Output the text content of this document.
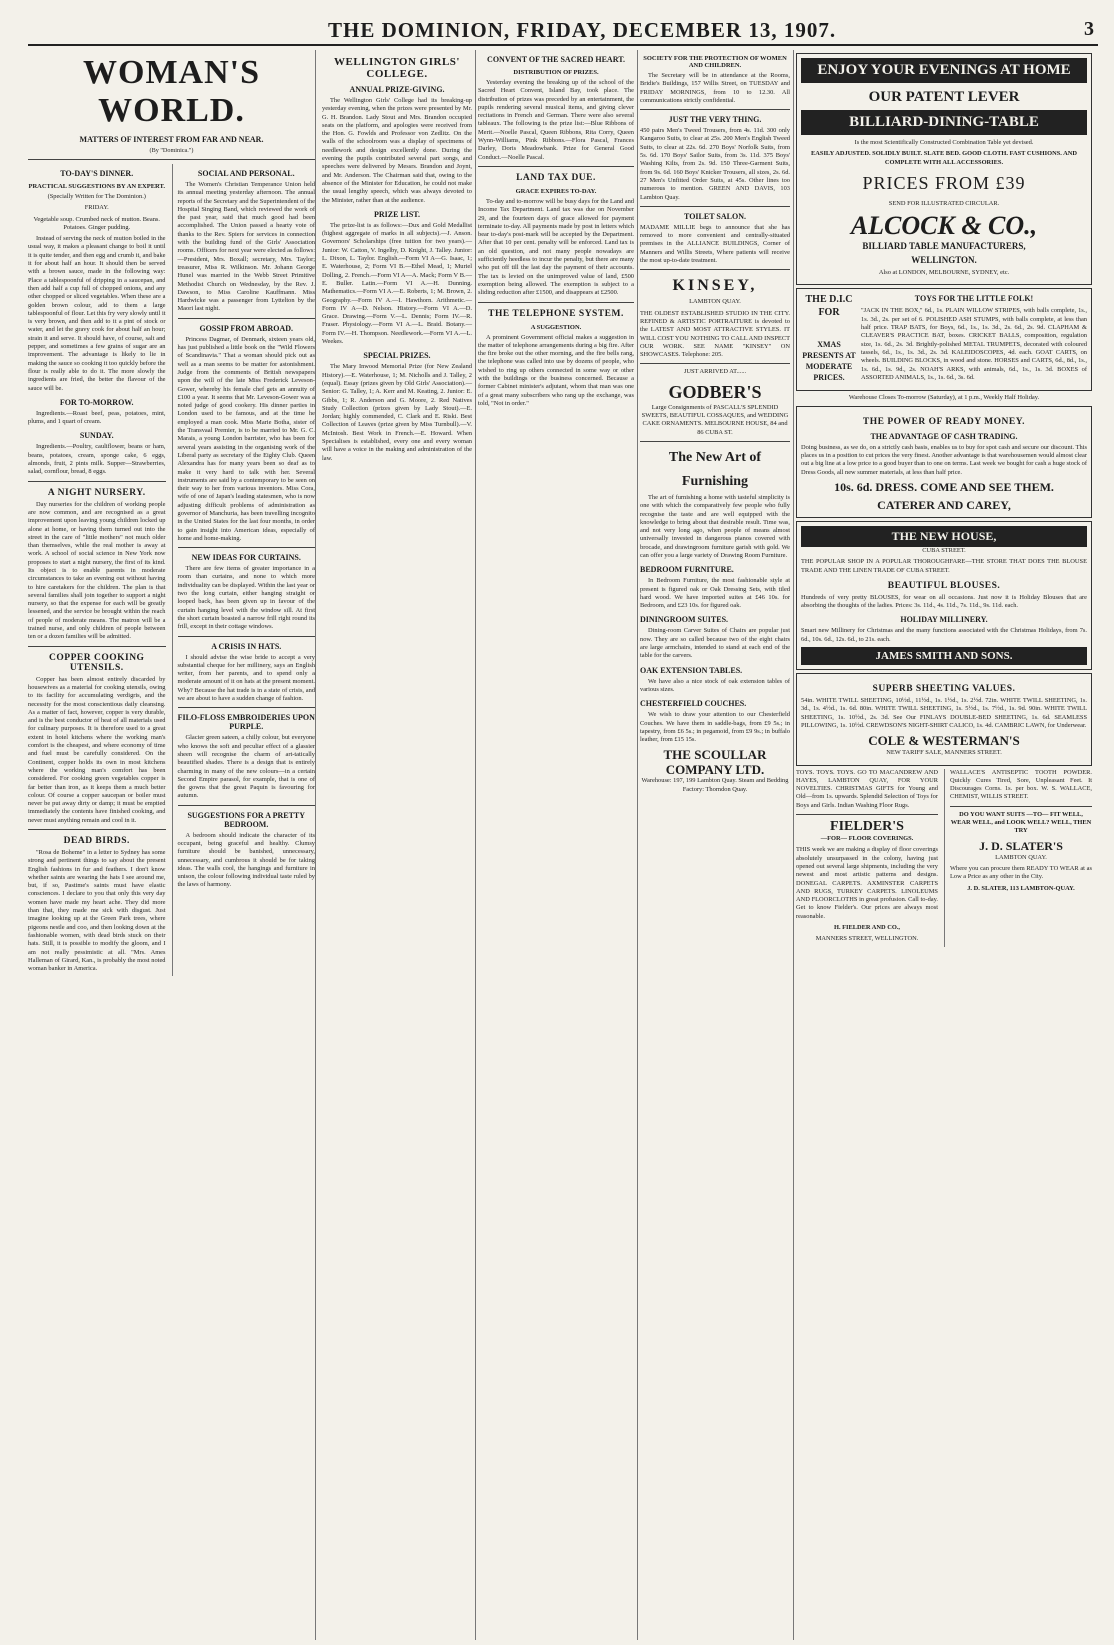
THE DOMINION, FRIDAY, DECEMBER 13, 1907.	3
WOMAN'S WORLD.
MATTERS OF INTEREST FROM FAR AND NEAR.
(By "Dominica.")
TO-DAY'S DINNER.
PRACTICAL SUGGESTIONS BY AN EXPERT.

(Specially Written for The Dominion.)

FRIDAY.

Vegetable soup. Crumbed neck of mutton. Beans. Potatoes. Ginger pudding.

Instead of serving the neck of mutton boiled in the usual way, it makes a pleasant change to boil it until it is quite tender, and then egg and crumb it, and bake it for about half an hour. It should then be served with a brown sauce, made in the following way: Place a tablespoonful of dripping in a saucepan, and then add half a cup full of chopped onions, and any other chopped or sliced vegetables. When these are a golden brown colour, add to them a large tablespoonful of flour. Let this fry very slowly until it is very brown, and then add to it a pint of stock or water, and let the gravy cook for about half an hour; strain it and serve. It should have, of course, salt and pepper, and sometimes a few grains of sugar are an improvement. The advantage is likely to lie in making the sauce so cooking it too quickly before the flour is really able to do it. The more slowly the ingredients are fried, the better the flavour of the sauce will be.

FOR TO-MORROW.

Ingredients.—Roast beef, peas, potatoes, mint, plums, and 1 quart of cream.

SUNDAY.

Ingredients.—Poultry, cauliflower, beans or ham, beans, potatoes, cream, sponge cake, 6 eggs, almonds, fruit, 2 pints milk. Supper—Strawberries, salad, cornflour, bread, 8 eggs.

A NIGHT NURSERY.

Day nurseries for the children of working people are now common, and are recognised as a great improvement upon leaving young children locked up alone at home, or having them turned out into the street in the care of "little mothers" not much older than themselves, while the real mother is away at work. A school of social science in New York now proposes to start a night nursery, the first of its kind. Its object is to enable parents in moderate circumstances to take an evening out without having to hire caretakers for the children. The plan is that several families shall join together to support a night nursery, so that the expense for each will be greatly lessened, and the service be brought within the reach of people of moderate means. The matron will be a trained nurse, and only children of people between ten or a dozen families will be admitted.

COPPER COOKING UTENSILS.

Copper has been almost entirely discarded by housewives as a material for cooking utensils, owing to its facility for accumulating verdigris, and the necessity for the most conscientious daily cleansing. As a matter of fact, however, copper is very durable, and is the best conductor of heat of all materials used for culinary purposes. It is therefore used to a great extent in hotel kitchens where the working man's comfort is the cheapest, and where economy of time and fuel must be carefully considered. On the Continent, copper holds its own in most kitchens where the working man's comfort has been considered. For cooking green vegetables copper is far better than iron, as it keeps them a much better colour. Of course a copper saucepan or boiler must never be put away dirty or damp; it must be emptied immediately the contents have finished cooking, and never must anything remain and cool in it.

DEAD BIRDS.

"Rosa de Boheme" in a letter to Sydney has some strong and pertinent things to say about the present English fashions in fur and feathers. I don't know whether saints are wearing the hats I see around me, but, if so, Pastime's saints must have elastic consciences. I declare to you that only this very day women have made my heart ache. They did more than that, they made me sick with disgust. Just imagine looking up at the Green Park trees, where pigeons nestle and coo, and then looking down at the fashionable women, with dead birds stuck on their hats. Still, it is possible to modify the gloom, and I am not really pessimistic at all. "Mrs. Ames Halleman of Girard, Kan., is probably the most noted woman banker in America.

SOCIAL AND PERSONAL.

The Women's Christian Temperance Union held its annual meeting yesterday afternoon. The annual reports of the Secretary and the Superintendent of the Hospital Singing Band, which reviewed the work of the past year, said that much good had been accomplished. The Union passed a hearty vote of thanks to the Rev. Spiers for services in connection with the building fund of the Girls' Association rooms. Officers for next year were elected as follows:—President, Mrs. Boxall; secretary, Mrs. Taylor; treasurer, Miss R. Wilkinson. Mr. Johann George Hunel was married in the Webb Street Primitive Methodist Church on Wednesday, by the Rev. J. Dawson, to Miss Caroline Kauffmann. Miss Hardwicke was a passenger from Lyttelton by the Maori last night.

GOSSIP FROM ABROAD.

Princess Dagmar, of Denmark, sixteen years old, has just published a little book on the "Wild Flowers of Scandinavia." That a woman should pick out as well as a man seems to be matter for astonishment. Judge from the comments of British newspapers upon the will of the late Miss Frederick Leveson-Gower, whereby his female chef gets an annuity of £100 a year. It seems that Mr. Leveson-Gower was a noted judge of good cookery. His dinner parties in London used to be famous, and at the time he employed a man cook. Miss Marie Botha, sister of the Transvaal Premier, is to be married to Mr. G. C. Marais, a young London barrister, who has been for several years assisting in the organising work of the Liberal party as secretary of the Eighty Club. Queen Alexandra has for many years been so deaf as to make it very hard to talk with her. Several instruments are said by a contemporary to be seen on their way to her from various inventors. Miss Cora, wife of one of Japan's leading statesmen, who is now adjusting difficult problems of administration as governor of Manchuria, has been travelling incognito in the United States for the last four months, in order to gain insight into American ideas, especially of home and home-making.

NEW IDEAS FOR CURTAINS.

There are few items of greater importance in a room than curtains, and none to which more individuality can be displayed. Within the last year or two the long curtain, either hanging straight or looped back, has been given up in favour of the curtain hanging level with the window sill. At first the short curtain boasted a narrow frill right round its frill, except in their cottage windows.

A CRISIS IN HATS.

I should advise the wise bride to accept a very substantial cheque for her millinery, says an English writer, from her parents, and to spend only a moderate amount of it on hats at the present moment. Why? Because the hat trade is in a state of crisis, and we are about to have a sudden change of fashion.

FILO-FLOSS EMBROIDERIES UPON PURPLE.

Glacier green sateen, a chilly colour, but everyone who knows the soft and peculiar effect of a glassier sheen will recognise the charm of art-tatically beautified shades. There is a design that is entirely charming in many of the new colours—in a certain Second Empire parasol, for example, that is one of the gowns that the great Paquin is favouring for autumn.

SUGGESTIONS FOR A PRETTY BEDROOM.

A bedroom should indicate the character of its occupant, being graceful and healthy. Clumsy furniture should be banished, unnecessary, unnecessary, and cumbrous it should be for taking ideas. The walls cool, the hangings and furniture in unison, the colour following individual taste ruled by the laws of harmony.

WELLINGTON GIRLS' COLLEGE.
ANNUAL PRIZE-GIVING.

The Wellington Girls' College had its breaking-up yesterday evening, when the prizes were presented by Mr. G. H. Brandon. Lady Stout and Mrs. Brandon occupied seats on the platform, and apologies were received from the Hon. G. Fowlds and Professor von Zedlitz. On the walls of the schoolroom was a display of specimens of needlework and design excellently done. During the evening the pupils contributed several part songs, and speeches were delivered by Messrs. Brandon and Joynt, and Mr. Anderson. The Chairman said that, owing to the absence of the Minister for Education, he could not make the usual lengthy speech, which was always devoted to the Minister, rather than at the audience.

PRIZE LIST.

The prize-list is as follows:—Dux and Gold Medallist (highest aggregate of marks in all subjects).—J. Anson. Governors' Scholarships (free tuition for two years).—Junior: W. Catton, V. Ingelby, D. Knight, J. Talley. Junior: L. Dixon, L. Taylor. English.—Form VI A—G. Isaac, 1; E. Waterhouse, 2; Form VI B.—Ethel Mead, 1; Muriel Dolling, 2. French.—Form VI A—A. Mack; Form V B.—E. Buller. Latin.—Form VI A.—H. Dunning. Mathematics.—Form VI A.—E. Roberts, 1; M. Brown, 2. Geography.—Form IV A.—I. Hawthorn. Arithmetic.—Form IV A—D. Nelson. History.—Form VI A.—D. Grace. Drawing.—Form V.—L. Dennis; Form IV.—R. Fraser. Physiology.—Form VI A.—L. Braid. Botany.—Form IV.—H. Thompson. Needlework.—Form VI A.—L. Weekes.

SPECIAL PRIZES.

The Mary Inwood Memorial Prize (for New Zealand History).—E. Waterhouse, 1; M. Nicholls and J. Talley, 2 (equal). Essay (prizes given by Old Girls' Association).—Senior: G. Talley, 1; A. Kerr and M. Keating, 2. Junior: E. Gibbs, 1; R. Anderson and G. Moore, 2. Red Natives Study Collection (prizes given by Lady Stout).—E. Jordan; highly commended, C. Clark and E. Riski. Best Collection of Leaves (prize given by Miss Turnbull).—V. McIntosh. Best Work in French.—E. Howard. When Specialises is established, every one and every woman will have a voice in the making and administration of the law.

CONVENT OF THE SACRED HEART.
DISTRIBUTION OF PRIZES.

Yesterday evening the breaking up of the school of the Sacred Heart Convent, Island Bay, took place. The distribution of prizes was preceded by an entertainment, the pupils rendering several musical items, and giving clever recitations in French and German. There were also several tableaux. The following is the prize list:—Blue Ribbons of Merit.—Noelle Pascal, Queen Ribbons, Rita Corry, Queen Wynn-Williams, Pink Ribbons.—Flora Pascal, Frances Darley, Doris Meadowbank. Prize for General Good Conduct.—Noelle Pascal.

LAND TAX DUE.
GRACE EXPIRES TO-DAY.

To-day and to-morrow will be busy days for the Land and Income Tax Department. Land tax was due on November 29, and the fourteen days of grace allowed for payment terminate to-day. All payments made by post in letters which bear to-day's post-mark will be accepted by the Department. After that 10 per cent. penalty will be enforced. Land tax is an old question, and not many people nowadays are sufficiently heedless to incur the penalty, but there are many who put off till the last day the payment of their accounts. The tax is levied on the unimproved value of land, £500 exemption being allowed. The exemption is subject to a sliding reduction after £1500, and disappears at £2500.

THE TELEPHONE SYSTEM.
A SUGGESTION.

A prominent Government official makes a suggestion in the matter of telephone arrangements during a big fire. After the fire broke out the other morning, and the fire bells rang, the telephone was called into use by dozens of people, who wished to ring up others connected in some way or other with the buildings or the business concerned. Because a former Cabinet minister's adjutant, whom that man was one of a great many subscribers who rang up the exchange, was told, "Not in order."

SOCIETY FOR THE PROTECTION OF WOMEN AND CHILDREN.

The Secretary will be in attendance at the Rooms, Bridie's Buildings, 157 Willis Street, on TUESDAY and FRIDAY MORNINGS, from 10 to 12.30. All communications strictly confidential.

JUST THE VERY THING.

450 pairs Men's Tweed Trousers, from 4s. 11d. 300 only Kangaroo Suits, to clear at 25s. 200 Men's English Tweed Suits, to clear at 22s. 6d. 270 Boys' Norfolk Suits, from 5s. 6d. 170 Boys' Sailor Suits, from 3s. 11d. 375 Boys' Washing Kilts, from 2s. 9d. 150 Three-Garment Suits, from 9s. 6d. 160 Boys' Knicker Trousers, all sizes, 2s. 6d. 27 Men's Unfitted Order Suits, at 45s. Other lines too numerous to mention. GREEN AND DAVIS, 103 Lambton Quay.

TOILET SALON.

MADAME MILLIE begs to announce that she has removed to more convenient and centrally-situated premises in the ALLIANCE BUILDINGS, Corner of Manners and Willis Streets, Where patients will receive the most up-to-date treatment.

KINSEY,

LAMBTON QUAY.

THE OLDEST ESTABLISHED STUDIO IN THE CITY. REFINED & ARTISTIC PORTRAITURE is devoted to the LATEST AND MOST ATTRACTIVE STYLES. IT WILL COST YOU NOTHING TO CALL AND INSPECT OUR WORK. SEE NAME "KINSEY" ON SHOWCASES. Telephone: 205.

JUST ARRIVED AT......

GODBER'S

Large Consignments of PASCALL'S SPLENDID SWEETS, BEAUTIFUL COSSAQUES, and WEDDING CAKE ORNAMENTS. MELBOURNE HOUSE, 84 and 86 CUBA ST.

The New Art of Furnishing

The art of furnishing a home with tasteful simplicity is one with which the comparatively few people who fully recognise the taste and are well equipped with the knowledge to bring about that desirable result. Time was, and not very long ago, when people of means almost universally invested in dangerous pianos covered with brocade, and drawingroom furniture garish with gold. We can offer you a large variety of Drawing Room Furniture.

BEDROOM FURNITURE.

In Bedroom Furniture, the most fashionable style at present is figured oak or Oak Dressing Sets, with tiled hard wood. We have imported suites at £46 10s. for Bedroom, and £23 10s. for figured oak.

DININGROOM SUITES.

Dining-room Carver Suites of Chairs are popular just now. They are so called because two of the eight chairs are large armchairs, intended to stand at each end of the table for the carvers.

OAK EXTENSION TABLES.

We have also a nice stock of oak extension tables of various sizes.

CHESTERFIELD COUCHES.

We wish to draw your attention to our Chesterfield Couches. We have them in saddle-bags, from £9 5s.; in tapestry, from £6 5s.; in pegamoid, from £9 9s.; in buffalo leather, from £15 15s.

THE SCOULLAR COMPANY LTD.

Warehouse: 197, 199 Lambton Quay. Steam and Bedding Factory: Thorndon Quay.

ENJOY YOUR EVENINGS AT HOME
OUR PATENT LEVER
BILLIARD-DINING-TABLE

Is the most Scientifically Constructed Combination Table yet devised.

EASILY ADJUSTED. SOLIDLY BUILT. SLATE BED. GOOD CLOTH. FAST CUSHIONS. AND COMPLETE WITH ALL ACCESSORIES.

PRICES FROM £39

SEND FOR ILLUSTRATED CIRCULAR.

ALCOCK & CO.,

BILLIARD TABLE MANUFACTURERS,

WELLINGTON.

Also at LONDON, MELBOURNE, SYDNEY, etc.

THE D.I.C FOR

XMAS PRESENTS AT MODERATE PRICES.

TOYS FOR THE LITTLE FOLK!

"JACK IN THE BOX," 6d., 1s. PLAIN WILLOW STRIPES, with balls complete, 1s., 1s. 3d., 2s. per set of 6. POLISHED ASH STUMPS, with balls complete, at less than half price. TRAP BATS, for Boys, 6d., 1s., 1s. 3d., 2s. 6d., 2s. 9d. CLAPHAM & CLEAVER'S PRACTICE BAT, boxes. CRICKET BALLS, composition, regulation size, 1s. 6d., 2s. 3d. Brightly-polished METAL TRUMPETS, decorated with coloured tassels, 6d., 1s., 1s. 3d., 2s. 3d. KALEIDOSCOPES, 4d. each. GOAT CARTS, on wheels. BUILDING BLOCKS, in wood and stone. HORSES and CARTS, 6d., 8d., 1s., 1s. 6d., 1s. 9d., 2s. NOAH'S ARKS, with animals, 6d., 1s., 1s. 3d. BOXES of ASSORTED ANIMALS, 1s., 1s. 6d., 3s. 6d.

Warehouse Closes To-morrow (Saturday), at 1 p.m., Weekly Half Holiday.

THE POWER OF READY MONEY.
THE ADVANTAGE OF CASH TRADING.

Doing business, as we do, on a strictly cash basis, enables us to buy for spot cash and secure our discount. This places us in a position to cut prices the very finest. Another advantage is that warehousemen would almost clear out a big line at a low price to a good buyer than to one on terms. Last week we bought for cash a huge stock of Dress Goods, all new summer materials, at less than half price.

10s. 6d. DRESS. COME AND SEE THEM.
CATERER AND CAREY,
THE NEW HOUSE,

CUBA STREET.

THE POPULAR SHOP IN A POPULAR THOROUGHFARE—THE STORE THAT DOES THE BLOUSE TRADE AND THE LINEN TRADE OF CUBA STREET.

BEAUTIFUL BLOUSES.

Hundreds of very pretty BLOUSES, for wear on all occasions. Just now it is Holiday Blouses that are absorbing the thoughts of the ladies. Prices: 3s. 11d., 4s. 11d., 7s. 11d., 9s. 11d. each.

HOLIDAY MILLINERY.

Smart new Millinery for Christmas and the many functions associated with the Christmas Holidays, from 7s. 6d., 10s. 6d., 12s. 6d., to 21s. each.

JAMES SMITH AND SONS.
SUPERB SHEETING VALUES.

54in. WHITE TWILL SHEETING, 10½d., 11½d., 1s. 1½d., 1s. 2½d. 72in. WHITE TWILL SHEETING, 1s. 3d., 1s. 4½d., 1s. 6d. 80in. WHITE TWILL SHEETING, 1s. 5½d., 1s. 7½d., 1s. 9d. 90in. WHITE TWILL SHEETING, 1s. 10½d., 2s. 3d. See Our FINLAYS DOUBLE-BED SHEETING, 1s. 6d. SEAMLESS PILLOWING, 1s. 10½d. CREWDSON'S NIGHT-SHIRT CALICO, 1s. 4d. CAMBRIC LAWN, for Underwear.

COLE & WESTERMAN'S

NEW TARIFF SALE, MANNERS STREET.

TOYS. TOYS. TOYS. GO TO MACANDREW AND HAYES, LAMBTON QUAY, FOR YOUR NOVELTIES. CHRISTMAS GIFTS for Young and Old—from 1s. upwards. Splendid Selection of Toys for Boys and Girls. Indian Washing Floor Rugs.

FIELDER'S

—FOR— FLOOR COVERINGS.

THIS week we are making a display of floor coverings absolutely unsurpassed in the colony, having just opened out several large shipments, including the very newest and most artistic patterns and designs. DONEGAL CARPETS. AXMINSTER CARPETS AND RUGS, TURKEY CARPETS. LINOLEUMS AND FLOORCLOTHS in great profusion. Call to-day. Get to know Fielder's. Our prices are always most reasonable.

H. FIELDER AND CO.,

MANNERS STREET, WELLINGTON.

WALLACE'S ANTISEPTIC TOOTH POWDER. Quickly Cures Tired, Sore, Unpleasant Feet. It Discourages Corns. 1s. per box. W. S. WALLACE, CHEMIST, WILLIS STREET.

DO YOU WANT SUITS —TO— FIT WELL, WEAR WELL, and LOOK WELL? WELL, THEN TRY

J. D. SLATER'S

LAMBTON QUAY.

Where you can procure them READY TO WEAR at as Low a Price as any other in the City.

J. D. SLATER, 113 LAMBTON-QUAY.
